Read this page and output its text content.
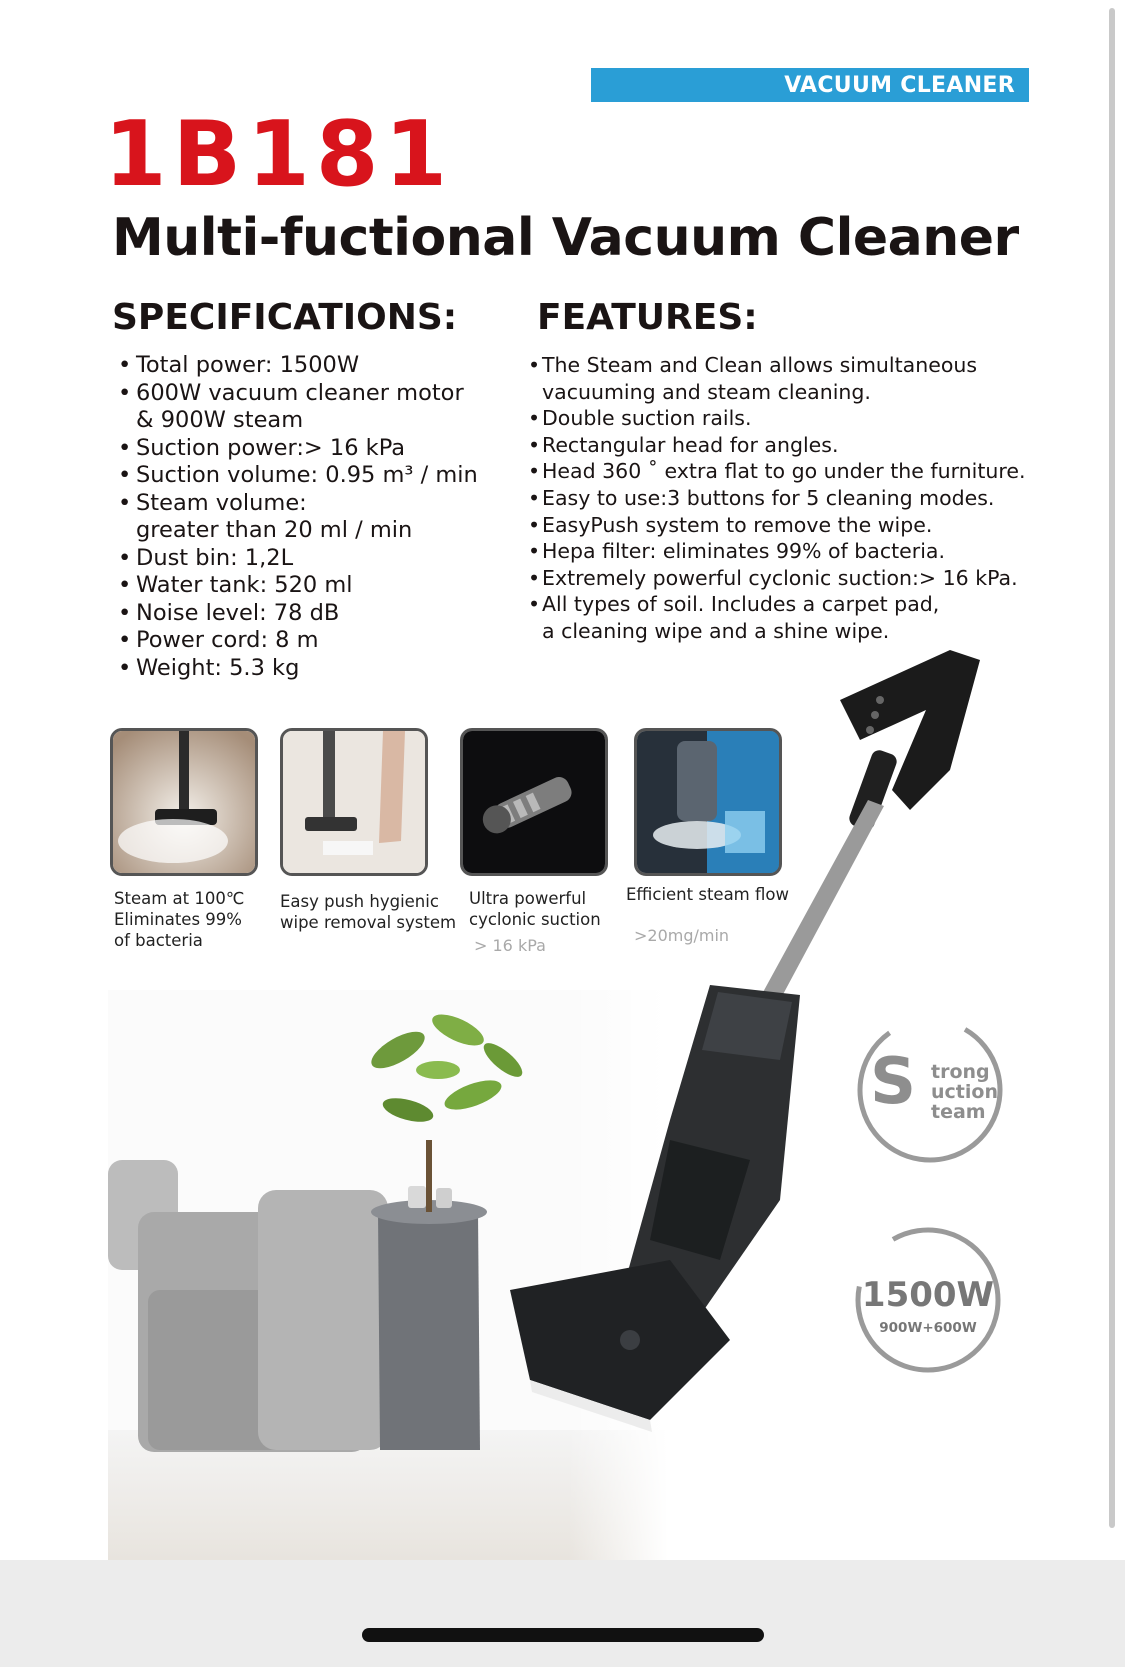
VACUUM CLEANER
1B181
Multi-fuctional Vacuum Cleaner
SPECIFICATIONS: FEATURES:
• Total power: 1500W
• 600W vacuum cleaner motor
& 900W steam
• Suction power:> 16 kPa
• Suction volume: 0.95 m³ / min
• Steam volume:
greater than 20 ml / min
• Dust bin: 1,2L
• Water tank: 520 ml
• Noise level: 78 dB
• Power cord: 8 m
• Weight: 5.3 kg
• The Steam and Clean allows simultaneous
vacuuming and steam cleaning.
• Double suction rails.
• Rectangular head for angles.
• Head 360 ˚ extra flat to go under the furniture.
• Easy to use:3 buttons for 5 cleaning modes.
• EasyPush system to remove the wipe.
• Hepa filter: eliminates 99% of bacteria.
• Extremely powerful cyclonic suction:> 16 kPa.
• All types of soil. Includes a carpet pad,
a cleaning wipe and a shine wipe.
Steam at 100℃
Eliminates 99%
of bacteria
Easy push hygienic
wipe removal system
Ultra powerful
cyclonic suction
> 16 kPa
Efficient steam flow
>20mg/min
S trong
uction
team
1500W
900W+600W
